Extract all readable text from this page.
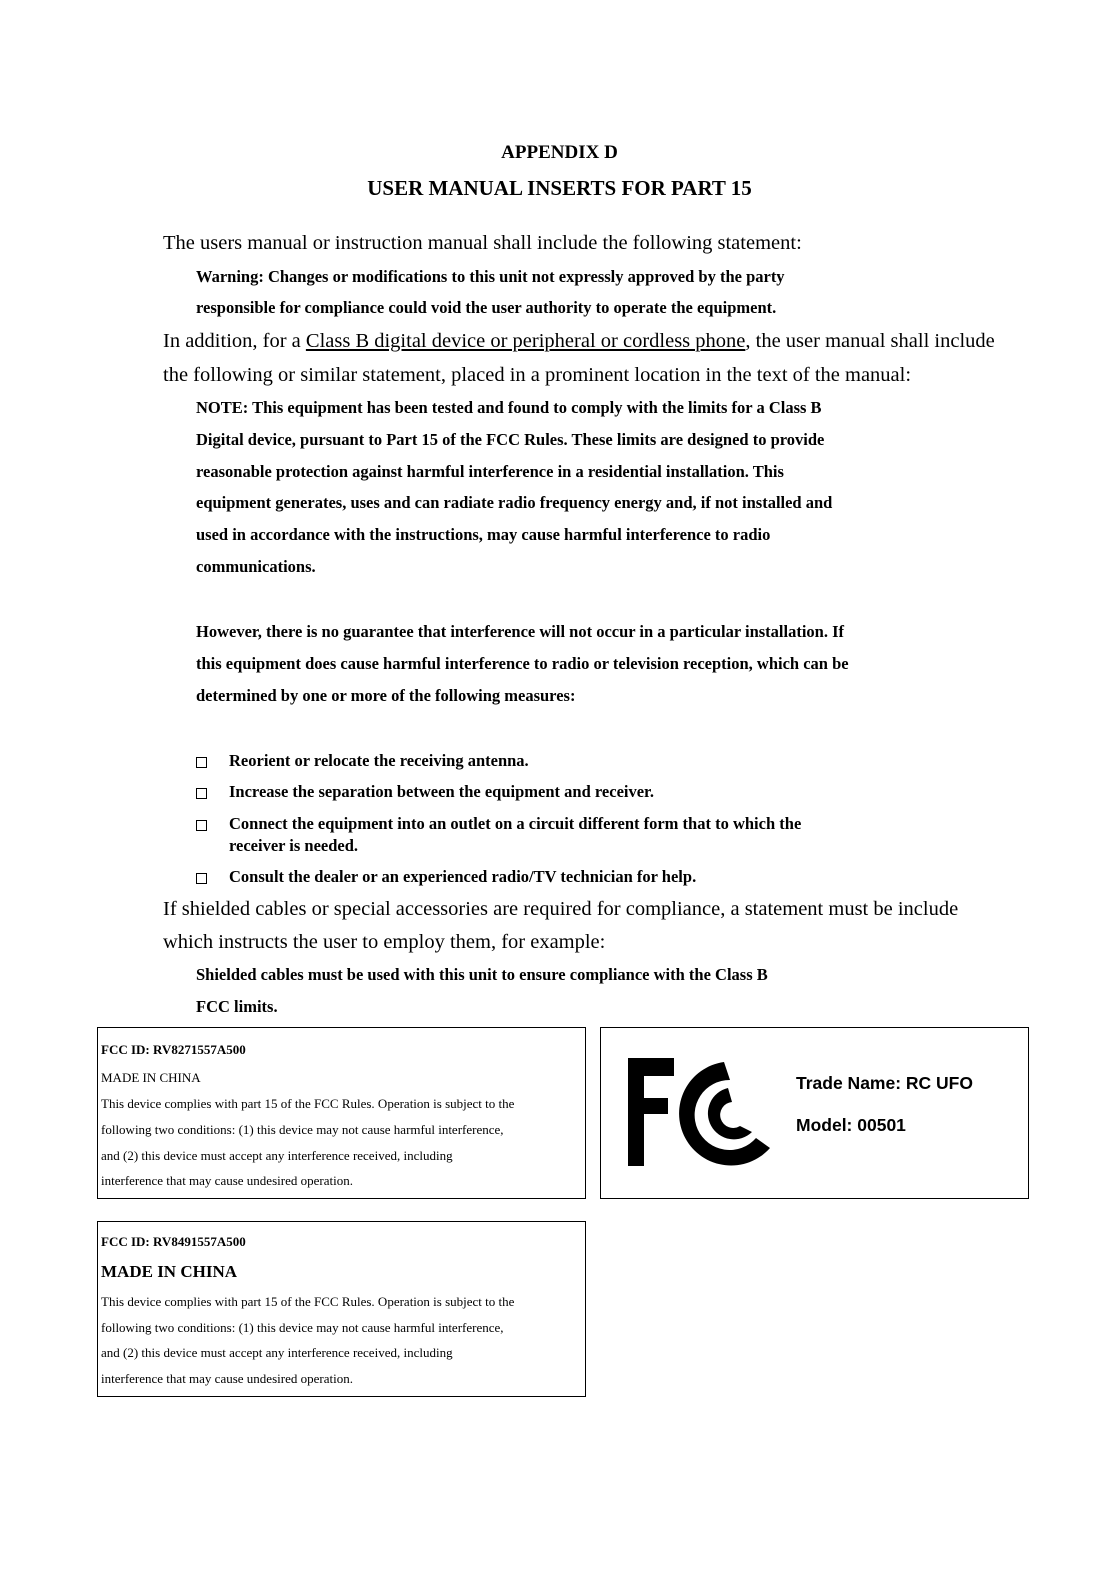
APPENDIX D
USER MANUAL INSERTS FOR PART 15
The users manual or instruction manual shall include the following statement:
Warning: Changes or modifications to this unit not expressly approved by the party
responsible for compliance could void the user authority to operate the equipment.
In addition, for a Class B digital device or peripheral or cordless phone, the user manual shall include
the following or similar statement, placed in a prominent location in the text of the manual:
NOTE: This equipment has been tested and found to comply with the limits for a Class B
Digital device, pursuant to Part 15 of the FCC Rules. These limits are designed to provide
reasonable protection against harmful interference in a residential installation. This
equipment generates, uses and can radiate radio frequency energy and, if not installed and
used in accordance with the instructions, may cause harmful interference to radio
communications.
However, there is no guarantee that interference will not occur in a particular installation. If
this equipment does cause harmful interference to radio or television reception, which can be
determined by one or more of the following measures:
Reorient or relocate the receiving antenna.
Increase the separation between the equipment and receiver.
Connect the equipment into an outlet on a circuit different form that to which the
receiver is needed.
Consult the dealer or an experienced radio/TV technician for help.
If shielded cables or special accessories are required for compliance, a statement must be include
which instructs the user to employ them, for example:
Shielded cables must be used with this unit to ensure compliance with the Class B
FCC limits.
FCC ID: RV8271557A500
MADE IN CHINA
This device complies with part 15 of the FCC Rules. Operation is subject to the
following two conditions: (1) this device may not cause harmful interference,
and (2) this device must accept any interference received, including
interference that may cause undesired operation.
Trade Name: RC UFO
Model: 00501
FCC ID: RV8491557A500
MADE IN CHINA
This device complies with part 15 of the FCC Rules. Operation is subject to the
following two conditions: (1) this device may not cause harmful interference,
and (2) this device must accept any interference received, including
interference that may cause undesired operation.
